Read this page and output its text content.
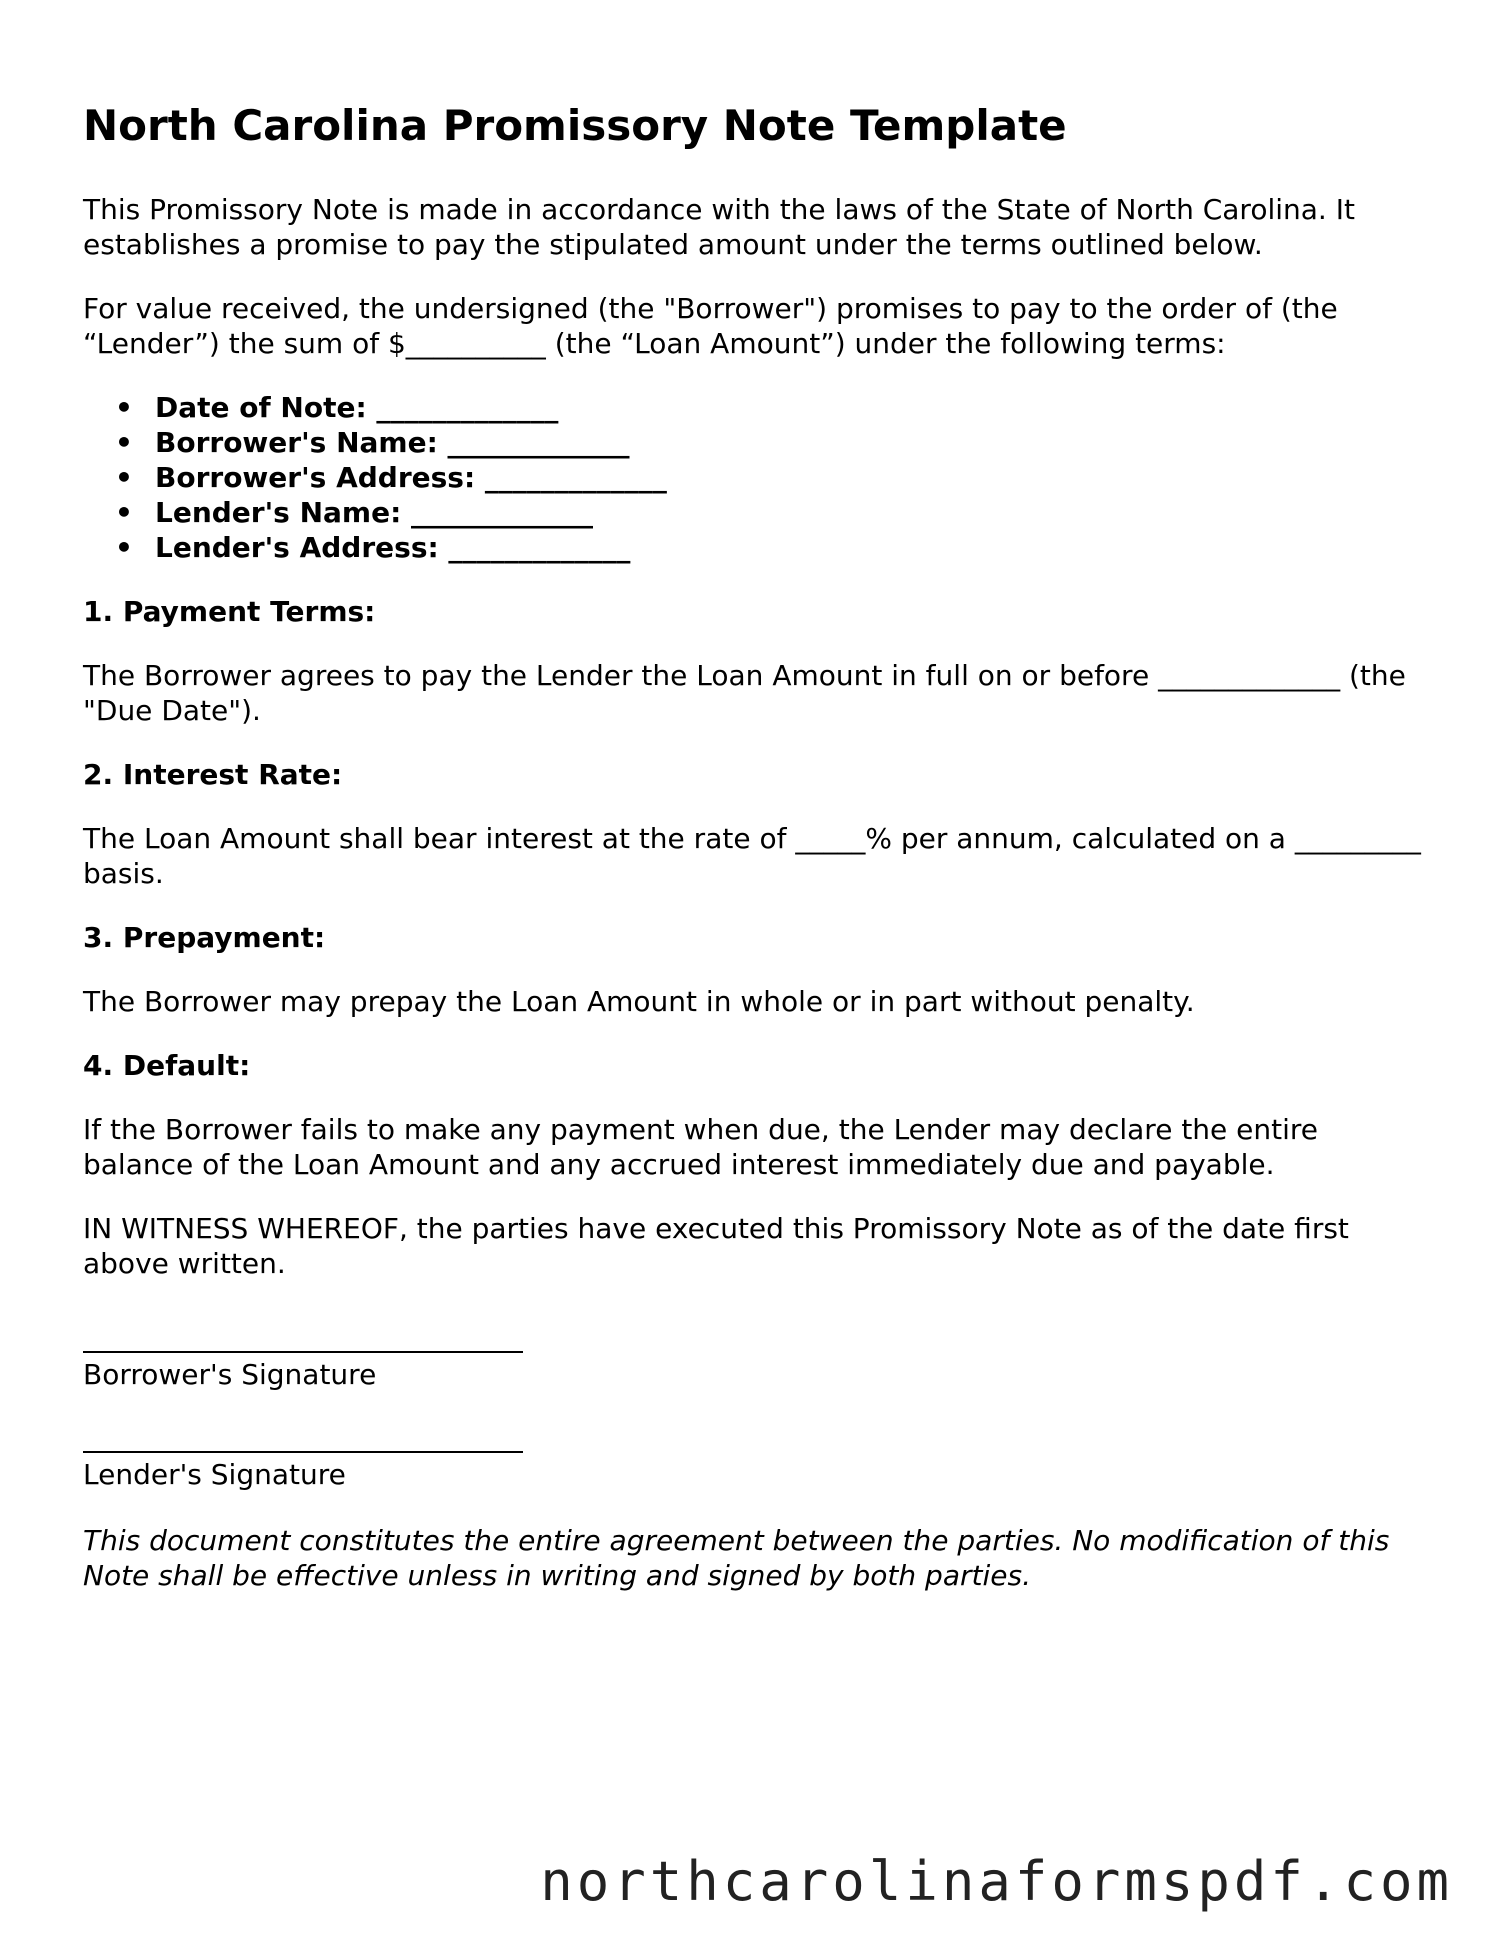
North Carolina Promissory Note Template

This Promissory Note is made in accordance with the laws of the State of North Carolina. It establishes a promise to pay the stipulated amount under the terms outlined below.

For value received, the undersigned (the "Borrower") promises to pay to the order of (the “Lender”) the sum of $__________ (the “Loan Amount”) under the following terms:

• Date of Note: _____________
• Borrower's Name: _____________
• Borrower's Address: _____________
• Lender's Name: _____________
• Lender's Address: _____________
1. Payment Terms:

The Borrower agrees to pay the Lender the Loan Amount in full on or before _____________ (the "Due Date").

2. Interest Rate:

The Loan Amount shall bear interest at the rate of _____% per annum, calculated on a _________ basis.

3. Prepayment:

The Borrower may prepay the Loan Amount in whole or in part without penalty.

4. Default:

If the Borrower fails to make any payment when due, the Lender may declare the entire balance of the Loan Amount and any accrued interest immediately due and payable.

IN WITNESS WHEREOF, the parties have executed this Promissory Note as of the date first above written.

Borrower's Signature
Lender's Signature

This document constitutes the entire agreement between the parties. No modification of this Note shall be effective unless in writing and signed by both parties.

northcarolinaformspdf.com
